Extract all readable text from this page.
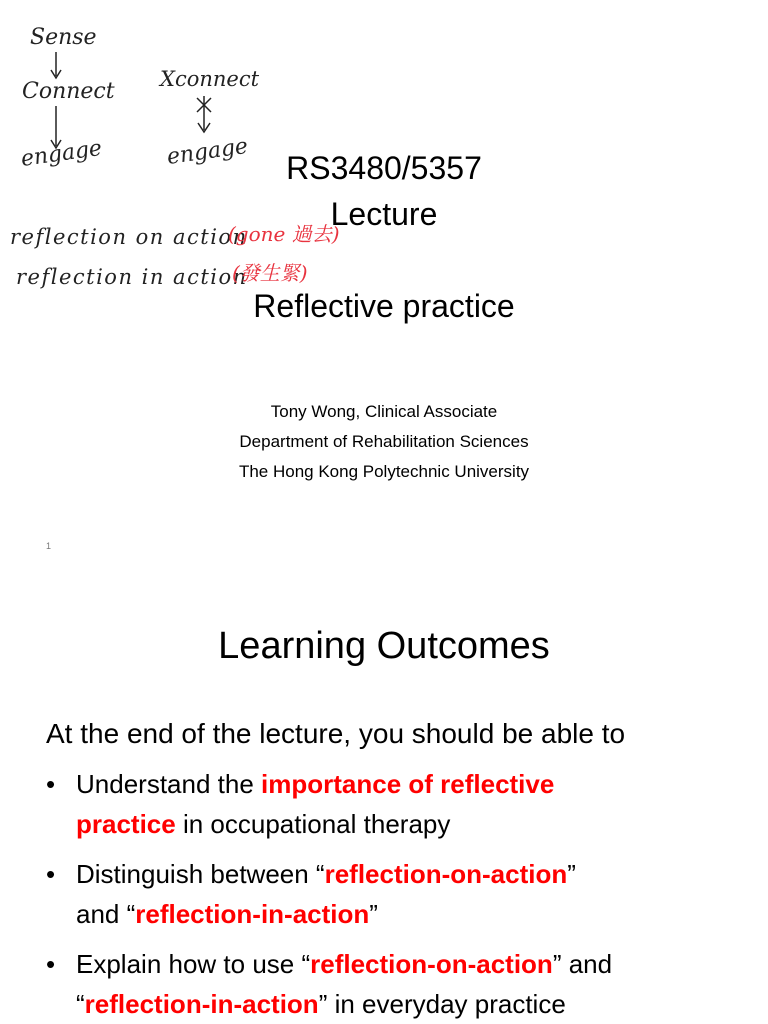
Sense
Connect
engage
Xconnect
engage
reflection on action
(gone 過去)
reflection in action
(發生緊)
RS3480/5357
Lecture
Reflective practice
Tony Wong, Clinical Associate
Department of Rehabilitation Sciences
The Hong Kong Polytechnic University
1
Learning Outcomes
At the end of the lecture, you should be able to
• Understand the importance of reflective
practice in occupational therapy
• Distinguish between “reflection-on-action”
and “reflection-in-action”
• Explain how to use “reflection-on-action” and
“reflection-in-action” in everyday practice
